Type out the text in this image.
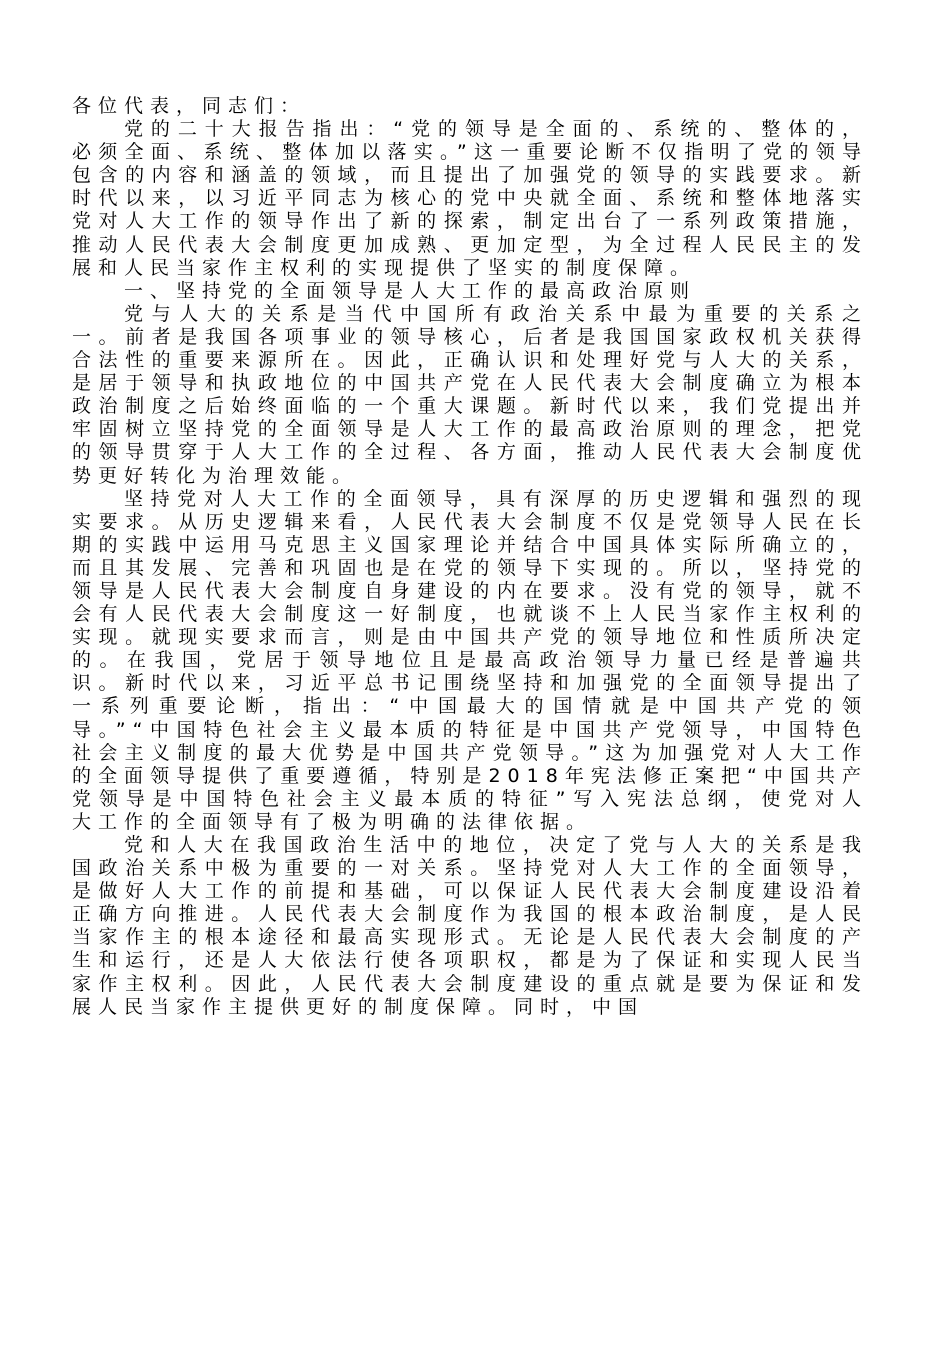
各位代表，同志们：

党的二十大报告指出：“党的领导是全面的、系统的、整体的，必须全面、系统、整体加以落实。”这一重要论断不仅指明了党的领导包含的内容和涵盖的领域，而且提出了加强党的领导的实践要求。新时代以来，以习近平同志为核心的党中央就全面、系统和整体地落实党对人大工作的领导作出了新的探索，制定出台了一系列政策措施，推动人民代表大会制度更加成熟、更加定型，为全过程人民民主的发展和人民当家作主权利的实现提供了坚实的制度保障。

一、坚持党的全面领导是人大工作的最高政治原则

党与人大的关系是当代中国所有政治关系中最为重要的关系之一。前者是我国各项事业的领导核心，后者是我国国家政权机关获得合法性的重要来源所在。因此，正确认识和处理好党与人大的关系，是居于领导和执政地位的中国共产党在人民代表大会制度确立为根本政治制度之后始终面临的一个重大课题。新时代以来，我们党提出并牢固树立坚持党的全面领导是人大工作的最高政治原则的理念，把党的领导贯穿于人大工作的全过程、各方面，推动人民代表大会制度优势更好转化为治理效能。

坚持党对人大工作的全面领导，具有深厚的历史逻辑和强烈的现实要求。从历史逻辑来看，人民代表大会制度不仅是党领导人民在长期的实践中运用马克思主义国家理论并结合中国具体实际所确立的，而且其发展、完善和巩固也是在党的领导下实现的。所以，坚持党的领导是人民代表大会制度自身建设的内在要求。没有党的领导，就不会有人民代表大会制度这一好制度，也就谈不上人民当家作主权利的实现。就现实要求而言，则是由中国共产党的领导地位和性质所决定的。在我国，党居于领导地位且是最高政治领导力量已经是普遍共识。新时代以来，习近平总书记围绕坚持和加强党的全面领导提出了一系列重要论断，指出：“中国最大的国情就是中国共产党的领导。”“中国特色社会主义最本质的特征是中国共产党领导，中国特色社会主义制度的最大优势是中国共产党领导。”这为加强党对人大工作的全面领导提供了重要遵循，特别是2018年宪法修正案把“中国共产党领导是中国特色社会主义最本质的特征”写入宪法总纲，使党对人大工作的全面领导有了极为明确的法律依据。

党和人大在我国政治生活中的地位，决定了党与人大的关系是我国政治关系中极为重要的一对关系。坚持党对人大工作的全面领导，是做好人大工作的前提和基础，可以保证人民代表大会制度建设沿着正确方向推进。人民代表大会制度作为我国的根本政治制度，是人民当家作主的根本途径和最高实现形式。无论是人民代表大会制度的产生和运行，还是人大依法行使各项职权，都是为了保证和实现人民当家作主权利。因此，人民代表大会制度建设的重点就是要为保证和发展人民当家作主提供更好的制度保障。同时，中国
